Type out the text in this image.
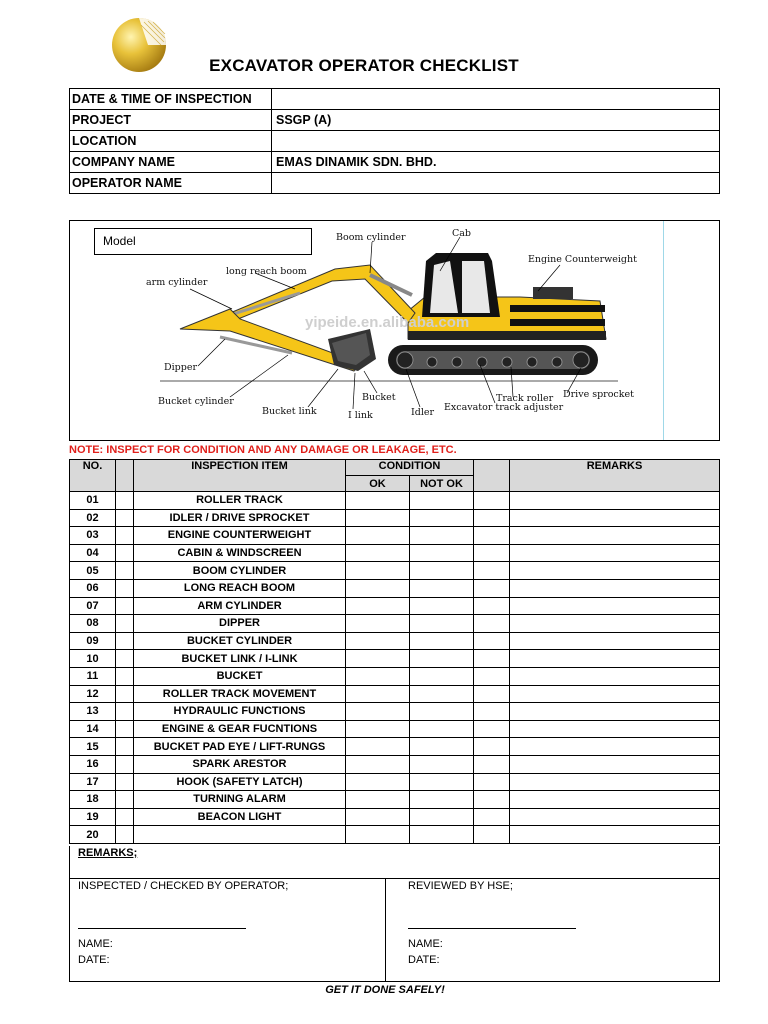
EXCAVATOR OPERATOR CHECKLIST
DATE & TIME OF INSPECTION	
PROJECT	SSGP (A)
LOCATION	
COMPANY NAME	EMAS DINAMIK SDN. BHD.
OPERATOR NAME	
yipeide.en.alibaba.com
Boom cylinder	Cab
Engine Counterweight
long reach boom
arm cylinder
Dipper
Bucket cylinder
Bucket link	I link
Bucket
Idler
Track roller Drive sprocket
Excavator track adjuster
Model
NOTE: INSPECT FOR CONDITION AND ANY DAMAGE OR LEAKAGE, ETC.
NO.		INSPECTION ITEM	CONDITION			REMARKS
			OK	NOT OK		
01		ROLLER TRACK				
02		IDLER / DRIVE SPROCKET				
03		ENGINE COUNTERWEIGHT				
04		CABIN & WINDSCREEN				
05		BOOM CYLINDER				
06		LONG REACH BOOM				
07		ARM CYLINDER				
08		DIPPER				
09		BUCKET CYLINDER				
10		BUCKET LINK / I-LINK				
11		BUCKET				
12		ROLLER TRACK MOVEMENT				
13		HYDRAULIC FUNCTIONS				
14		ENGINE & GEAR FUCNTIONS				
15		BUCKET PAD EYE / LIFT-RUNGS				
16		SPARK ARESTOR				
17		HOOK (SAFETY LATCH)				
18		TURNING ALARM				
19		BEACON LIGHT				
20						
REMARKS;
INSPECTED / CHECKED BY OPERATOR;
NAME:
DATE:
REVIEWED BY HSE;
NAME:
DATE:
GET IT DONE SAFELY!
